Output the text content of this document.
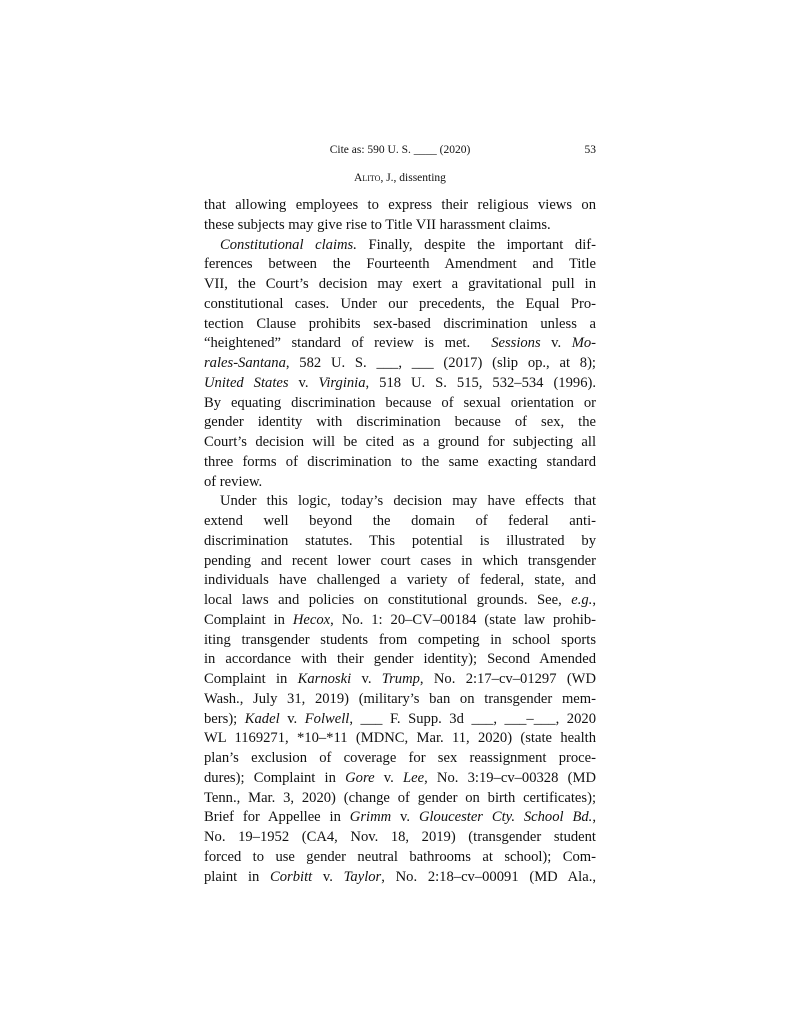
Cite as: 590 U. S. ____ (2020)	53
Alito, J., dissenting

that allowing employees to express their religious views on
these subjects may give rise to Title VII harassment claims.

Constitutional claims. Finally, despite the important dif-
ferences between the Fourteenth Amendment and Title
VII, the Court’s decision may exert a gravitational pull in
constitutional cases. Under our precedents, the Equal Pro-
tection Clause prohibits sex-based discrimination unless a
“heightened” standard of review is met. Sessions v. Mo-
rales-Santana, 582 U. S. ___, ___ (2017) (slip op., at 8);
United States v. Virginia, 518 U. S. 515, 532–534 (1996).
By equating discrimination because of sexual orientation or
gender identity with discrimination because of sex, the
Court’s decision will be cited as a ground for subjecting all
three forms of discrimination to the same exacting standard
of review.

Under this logic, today’s decision may have effects that
extend well beyond the domain of federal anti-
discrimination statutes. This potential is illustrated by
pending and recent lower court cases in which transgender
individuals have challenged a variety of federal, state, and
local laws and policies on constitutional grounds. See, e.g.,
Complaint in Hecox, No. 1: 20–CV–00184 (state law prohib-
iting transgender students from competing in school sports
in accordance with their gender identity); Second Amended
Complaint in Karnoski v. Trump, No. 2:17–cv–01297 (WD
Wash., July 31, 2019) (military’s ban on transgender mem-
bers); Kadel v. Folwell, ___ F. Supp. 3d ___, ___–___, 2020
WL 1169271, *10–*11 (MDNC, Mar. 11, 2020) (state health
plan’s exclusion of coverage for sex reassignment proce-
dures); Complaint in Gore v. Lee, No. 3:19–cv–00328 (MD
Tenn., Mar. 3, 2020) (change of gender on birth certificates);
Brief for Appellee in Grimm v. Gloucester Cty. School Bd.,
No. 19–1952 (CA4, Nov. 18, 2019) (transgender student
forced to use gender neutral bathrooms at school); Com-
plaint in Corbitt v. Taylor, No. 2:18–cv–00091 (MD Ala.,
